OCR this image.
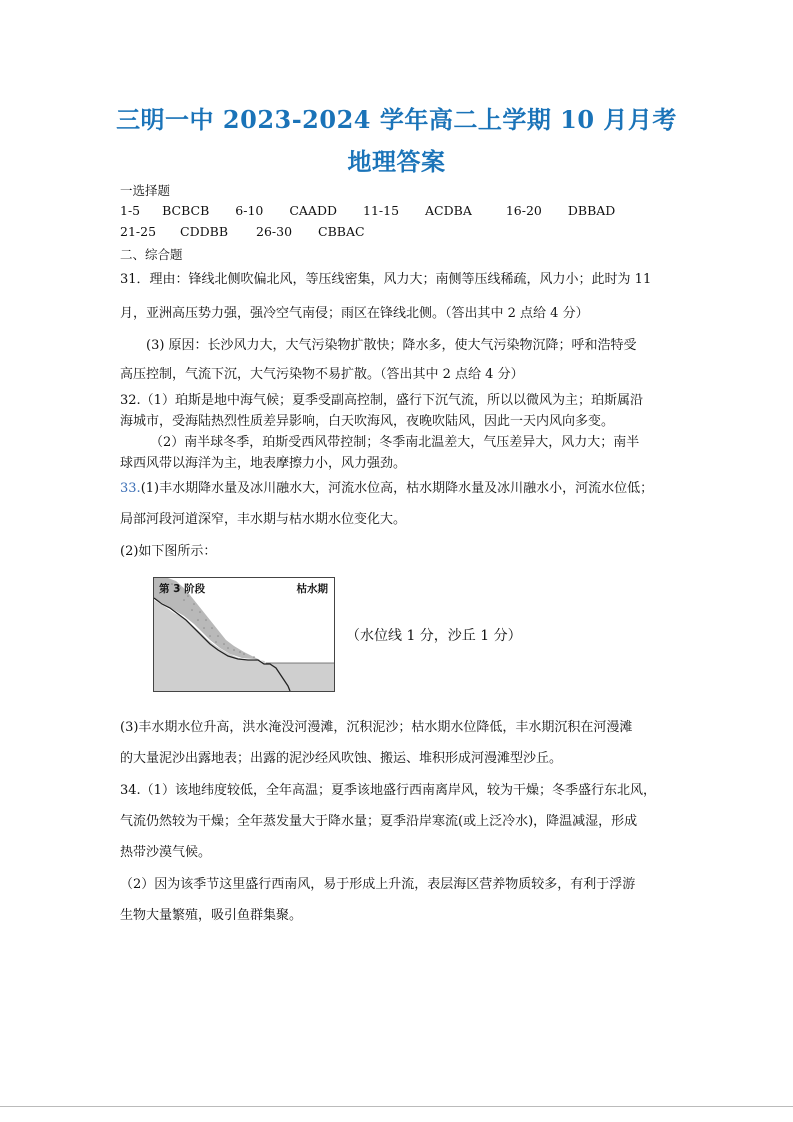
三明一中 2023-2024 学年高二上学期 10 月月考
地理答案
一选择题
1-5 BCBCB 6-10 CAADD 11-15 ACDBA	16-20 DBBAD
21-25 CDDBB 26-30 CBBAC
二、综合题
31．理由：锋线北侧吹偏北风，等压线密集，风力大；南侧等压线稀疏，风力小；此时为 11
月，亚洲高压势力强，强冷空气南侵；雨区在锋线北侧。（答出其中 2 点给 4 分）
(3) 原因：长沙风力大，大气污染物扩散快；降水多，使大气污染物沉降；呼和浩特受
高压控制，气流下沉，大气污染物不易扩散。（答出其中 2 点给 4 分）
32.（1）珀斯是地中海气候；夏季受副高控制，盛行下沉气流，所以以微风为主；珀斯属沿
海城市，受海陆热烈性质差异影响，白天吹海风，夜晚吹陆风，因此一天内风向多变。
（2）南半球冬季，珀斯受西风带控制；冬季南北温差大，气压差异大，风力大；南半
球西风带以海洋为主，地表摩擦力小，风力强劲。
33.(1)丰水期降水量及冰川融水大，河流水位高，枯水期降水量及冰川融水小，河流水位低；
局部河段河道深窄，丰水期与枯水期水位变化大。
(2)如下图所示：
第 3 阶段	枯水期
（水位线 1 分，沙丘 1 分）
(3)丰水期水位升高，洪水淹没河漫滩，沉积泥沙；枯水期水位降低，丰水期沉积在河漫滩
的大量泥沙出露地表；出露的泥沙经风吹蚀、搬运、堆积形成河漫滩型沙丘。
34.（1）该地纬度较低，全年高温；夏季该地盛行西南离岸风，较为干燥；冬季盛行东北风，
气流仍然较为干燥；全年蒸发量大于降水量；夏季沿岸寒流(或上泛冷水)，降温减湿，形成
热带沙漠气候。
（2）因为该季节这里盛行西南风，易于形成上升流，表层海区营养物质较多，有利于浮游
生物大量繁殖，吸引鱼群集聚。
